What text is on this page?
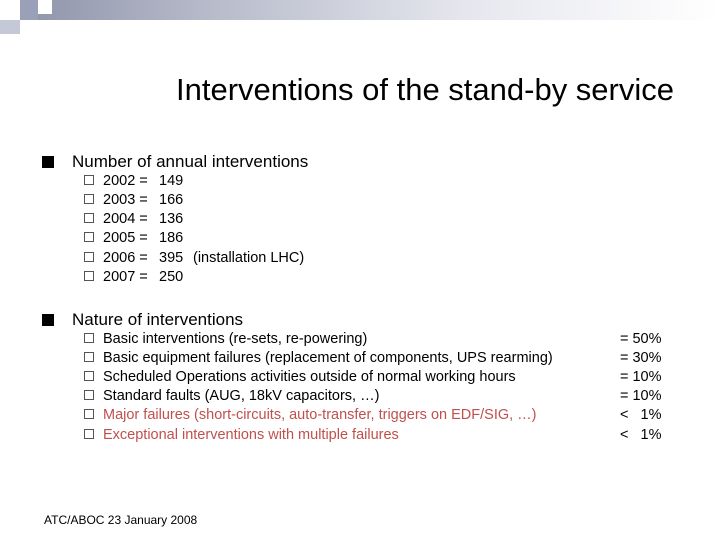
Interventions of the stand-by service
Number of annual interventions
2002 = 149
2003 = 166
2004 = 136
2005 = 186
2006 = 395 (installation LHC)
2007 = 250
Nature of interventions
Basic interventions (re-sets, re-powering)	= 50%
Basic equipment failures (replacement of components, UPS rearming)	= 30%
Scheduled Operations activities outside of normal working hours	= 10%
Standard faults (AUG, 18kV capacitors, …)	= 10%
Major failures (short-circuits, auto-transfer, triggers on EDF/SIG, …)	<   1%
Exceptional interventions with multiple failures	<   1%
ATC/ABOC 23 January 2008
